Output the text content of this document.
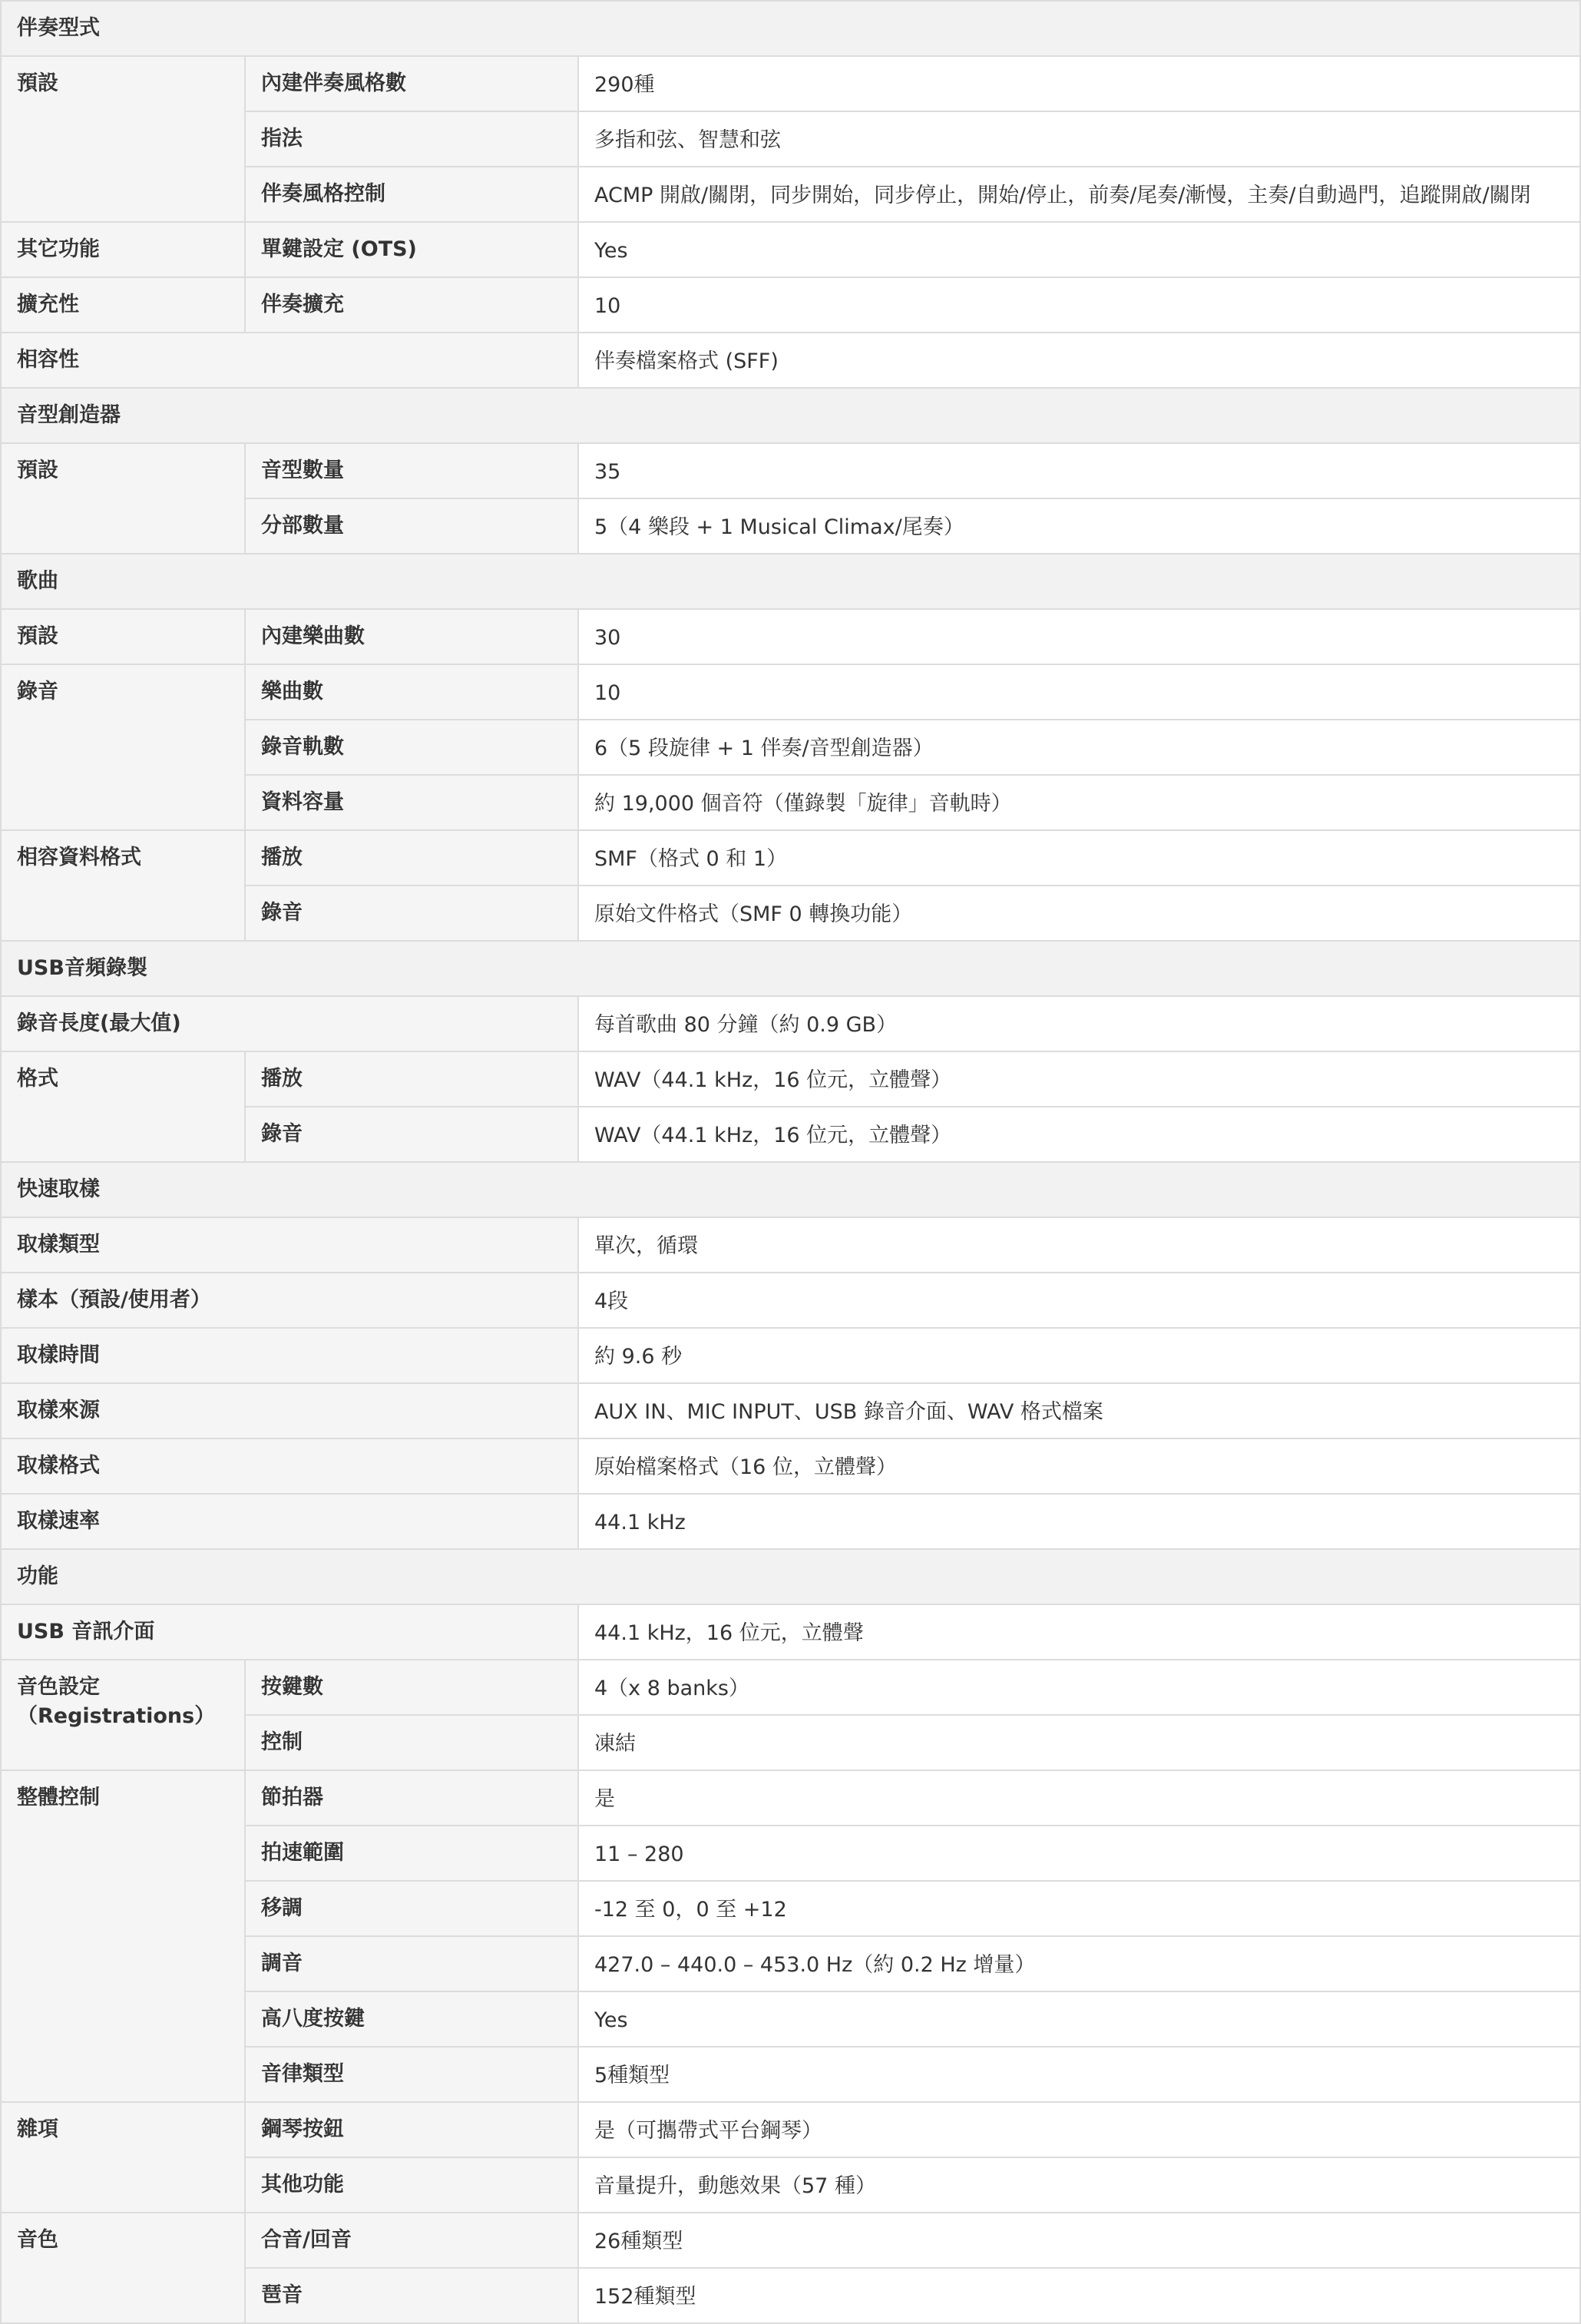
伴奏型式		
預設	內建伴奏風格數	290種
	指法	多指和弦、智慧和弦
	伴奏風格控制	ACMP 開啟/關閉，同步開始，同步停止，開始/停止，前奏/尾奏/漸慢，主奏/自動過門，追蹤開啟/關閉
其它功能	單鍵設定 (OTS)	Yes
擴充性	伴奏擴充	10
相容性		伴奏檔案格式 (SFF)
音型創造器		
預設	音型數量	35
	分部數量	5（4 樂段 + 1 Musical Climax/尾奏）
歌曲		
預設	內建樂曲數	30
錄音	樂曲數	10
	錄音軌數	6（5 段旋律 + 1 伴奏/音型創造器）
	資料容量	約 19,000 個音符（僅錄製「旋律」音軌時）
相容資料格式	播放	SMF（格式 0 和 1）
	錄音	原始文件格式（SMF 0 轉換功能）
USB音頻錄製		
錄音長度(最大值)		每首歌曲 80 分鐘（約 0.9 GB）
格式	播放	WAV（44.1 kHz，16 位元，立體聲）
	錄音	WAV（44.1 kHz，16 位元，立體聲）
快速取樣		
取樣類型		單次，循環
樣本（預設/使用者）		4段
取樣時間		約 9.6 秒
取樣來源		AUX IN、MIC INPUT、USB 錄音介面、WAV 格式檔案
取樣格式		原始檔案格式（16 位，立體聲）
取樣速率		44.1 kHz
功能		
USB 音訊介面		44.1 kHz，16 位元，立體聲
音色設定（Registrations）	按鍵數	4（x 8 banks）
	控制	凍結
整體控制	節拍器	是
	拍速範圍	11 – 280
	移調	-12 至 0，0 至 +12
	調音	427.0 – 440.0 – 453.0 Hz（約 0.2 Hz 增量）
	高八度按鍵	Yes
	音律類型	5種類型
雜項	鋼琴按鈕	是（可攜帶式平台鋼琴）
	其他功能	音量提升，動態效果（57 種）
音色	合音/回音	26種類型
	琶音	152種類型
